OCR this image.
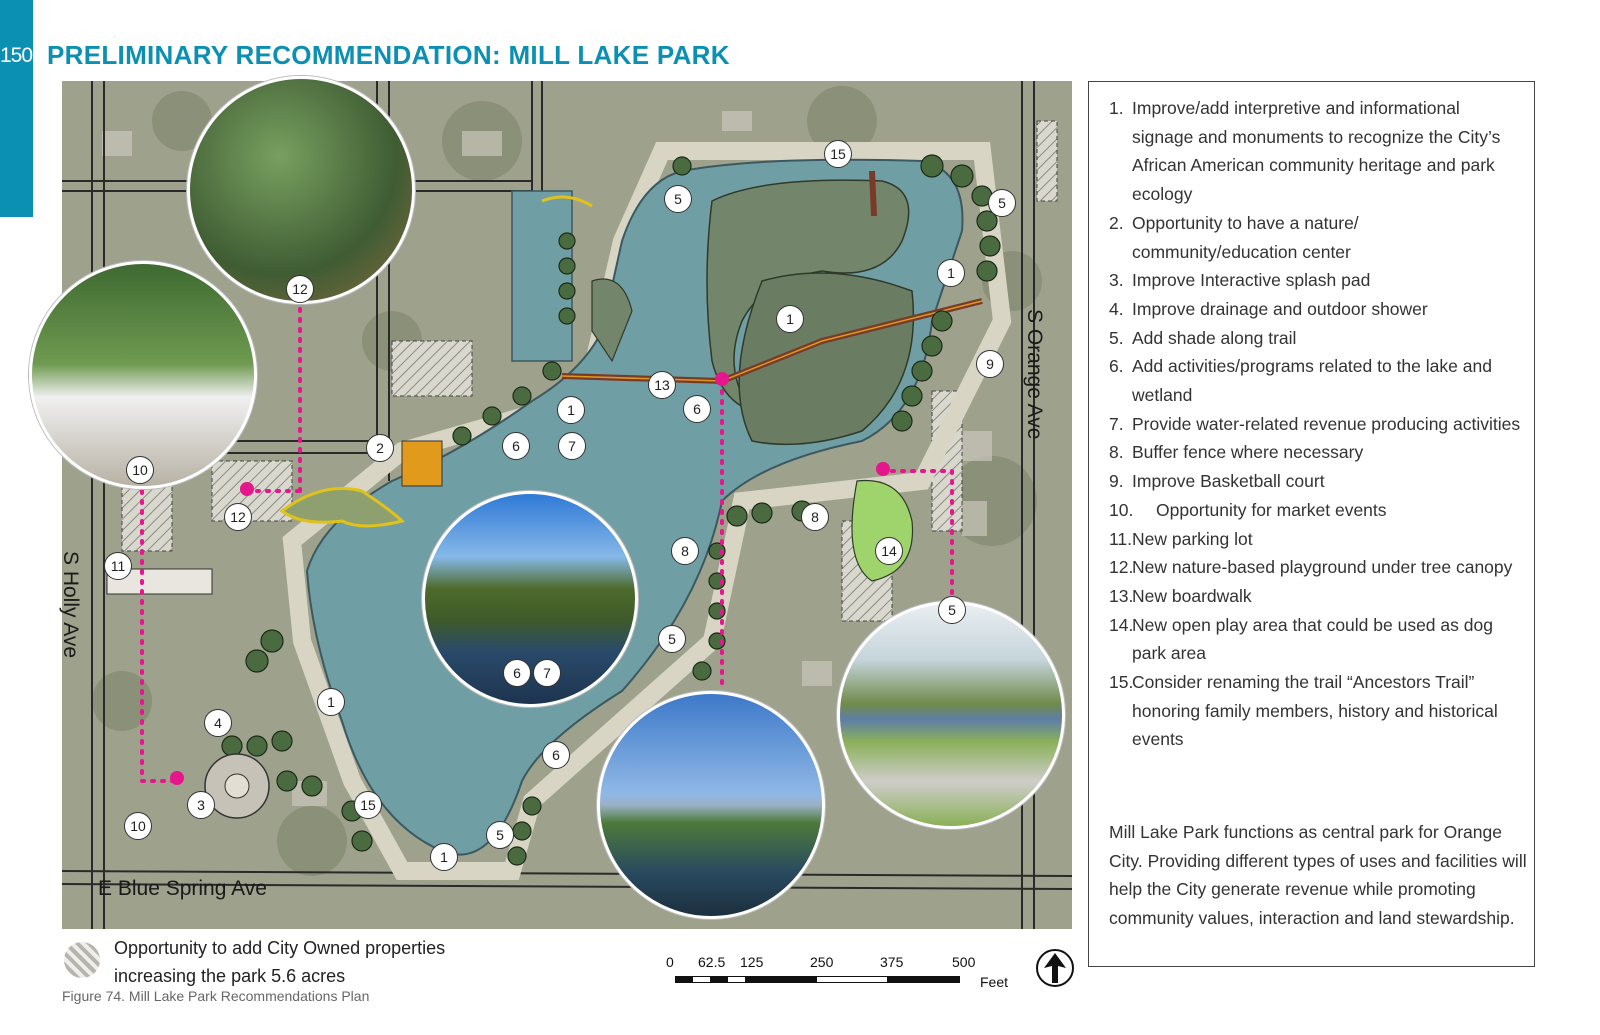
150 PRELIMINARY RECOMMENDATION: MILL LAKE PARK
S Orange Ave
S Holly Ave
E Blue Spring Ave
15
5	5
1
1
9
12
13
6
1
2	6	7
10
12
11
8
8	14
5
5
6	7
1
4
3
10
15
6
5
1
1. Improve/add interpretive and informational signage and monuments to recognize the City’s African American community heritage and park ecology
2. Opportunity to have a nature/ community/education center
3. Improve Interactive splash pad
4. Improve drainage and outdoor shower
5. Add shade along trail
6. Add activities/programs related to the lake and wetland
7. Provide water-related revenue producing activities
8. Buffer fence where necessary
9. Improve Basketball court
10. Opportunity for market events
11. New parking lot
12.
New nature-based playground under tree canopy
13.
New boardwalk
14.
New open play area that could be used as dog park area
15.
Consider renaming the trail “Ancestors Trail” honoring family members, history and historical events
Mill Lake Park functions as central park for Orange City. Providing different types of uses and facilities will help the City generate revenue while promoting community values, interaction and land stewardship.
Opportunity to add City Owned properties increasing the park 5.6 acres
Figure 74. Mill Lake Park Recommendations Plan
0 62.5 125	250	375	500
Feet
